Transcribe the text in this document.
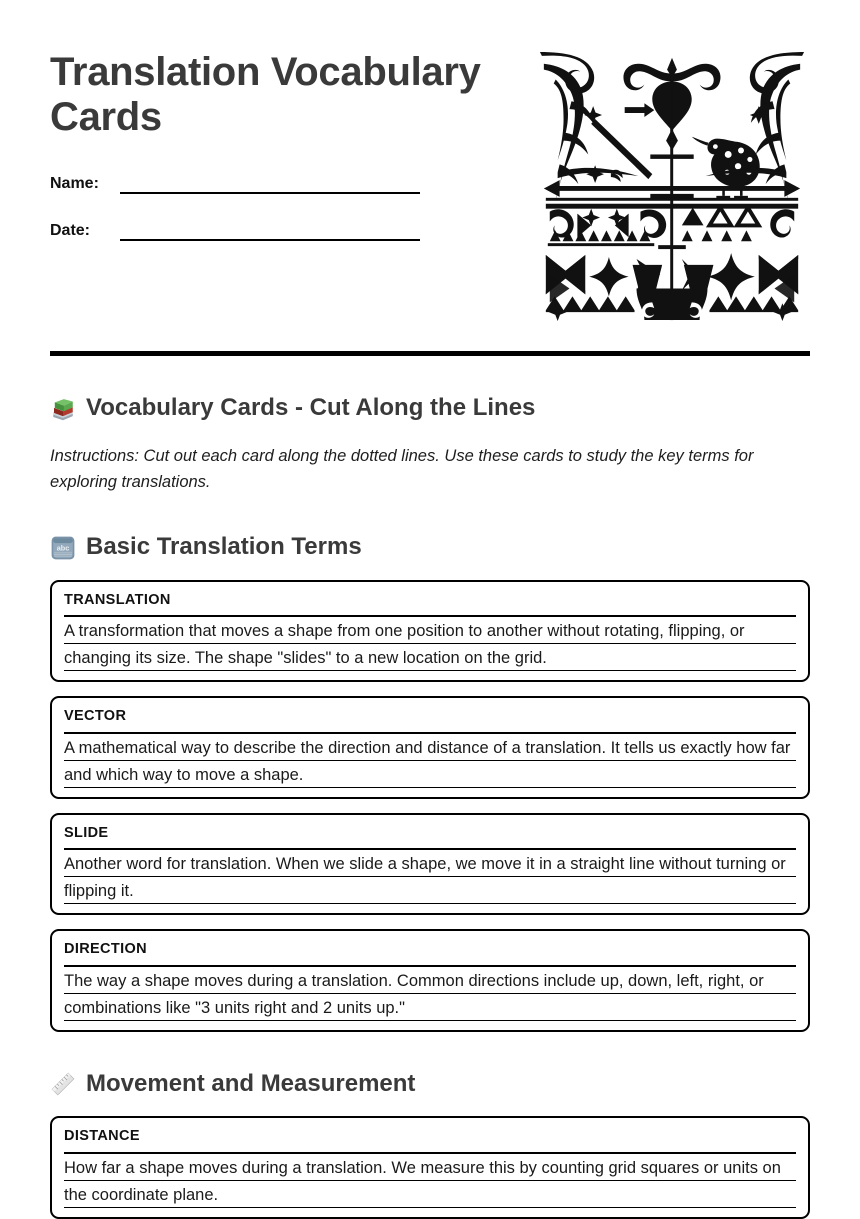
Translation Vocabulary Cards
Name:
Date:
Vocabulary Cards - Cut Along the Lines
Instructions: Cut out each card along the dotted lines. Use these cards to study the key terms for exploring translations.
abc Basic Translation Terms
TRANSLATION
A transformation that moves a shape from one position to another without rotating, flipping, or changing its size. The shape "slides" to a new location on the grid.
VECTOR
A mathematical way to describe the direction and distance of a translation. It tells us exactly how far and which way to move a shape.
SLIDE
Another word for translation. When we slide a shape, we move it in a straight line without turning or flipping it.
DIRECTION
The way a shape moves during a translation. Common directions include up, down, left, right, or combinations like "3 units right and 2 units up."
Movement and Measurement
DISTANCE
How far a shape moves during a translation. We measure this by counting grid squares or units on the coordinate plane.
